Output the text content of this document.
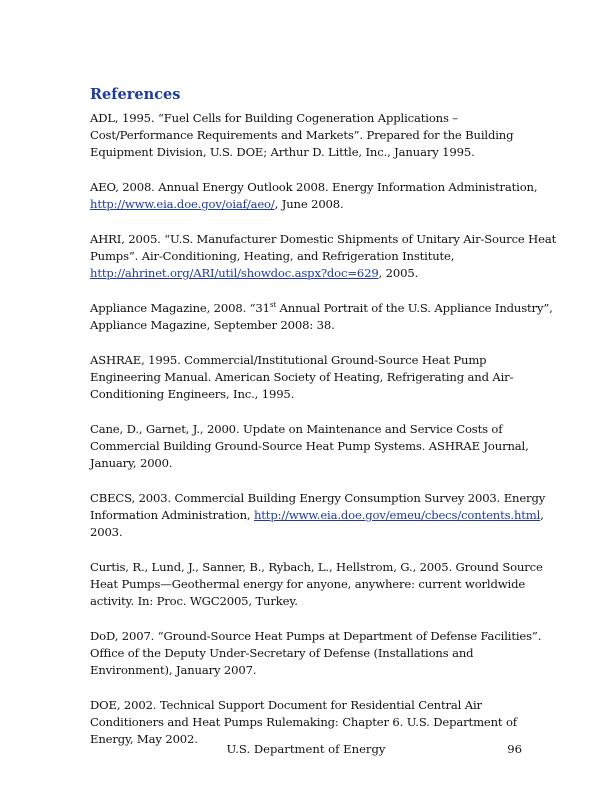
References

ADL, 1995. “Fuel Cells for Building Cogeneration Applications –
Cost/Performance Requirements and Markets”. Prepared for the Building
Equipment Division, U.S. DOE; Arthur D. Little, Inc., January 1995.

AEO, 2008. Annual Energy Outlook 2008. Energy Information Administration,
http://www.eia.doe.gov/oiaf/aeo/, June 2008.

AHRI, 2005. “U.S. Manufacturer Domestic Shipments of Unitary Air-Source Heat
Pumps”. Air-Conditioning, Heating, and Refrigeration Institute,
http://ahrinet.org/ARI/util/showdoc.aspx?doc=629, 2005.

Appliance Magazine, 2008. “31st Annual Portrait of the U.S. Appliance Industry”,
Appliance Magazine, September 2008: 38.

ASHRAE, 1995. Commercial/Institutional Ground-Source Heat Pump
Engineering Manual. American Society of Heating, Refrigerating and Air-
Conditioning Engineers, Inc., 1995.

Cane, D., Garnet, J., 2000. Update on Maintenance and Service Costs of
Commercial Building Ground-Source Heat Pump Systems. ASHRAE Journal,
January, 2000.

CBECS, 2003. Commercial Building Energy Consumption Survey 2003. Energy
Information Administration, http://www.eia.doe.gov/emeu/cbecs/contents.html,
2003.

Curtis, R., Lund, J., Sanner, B., Rybach, L., Hellstrom, G., 2005. Ground Source
Heat Pumps—Geothermal energy for anyone, anywhere: current worldwide
activity. In: Proc. WGC2005, Turkey.

DoD, 2007. “Ground-Source Heat Pumps at Department of Defense Facilities”.
Office of the Deputy Under-Secretary of Defense (Installations and
Environment), January 2007.

DOE, 2002. Technical Support Document for Residential Central Air
Conditioners and Heat Pumps Rulemaking: Chapter 6. U.S. Department of
Energy, May 2002.

U.S. Department of Energy	96
